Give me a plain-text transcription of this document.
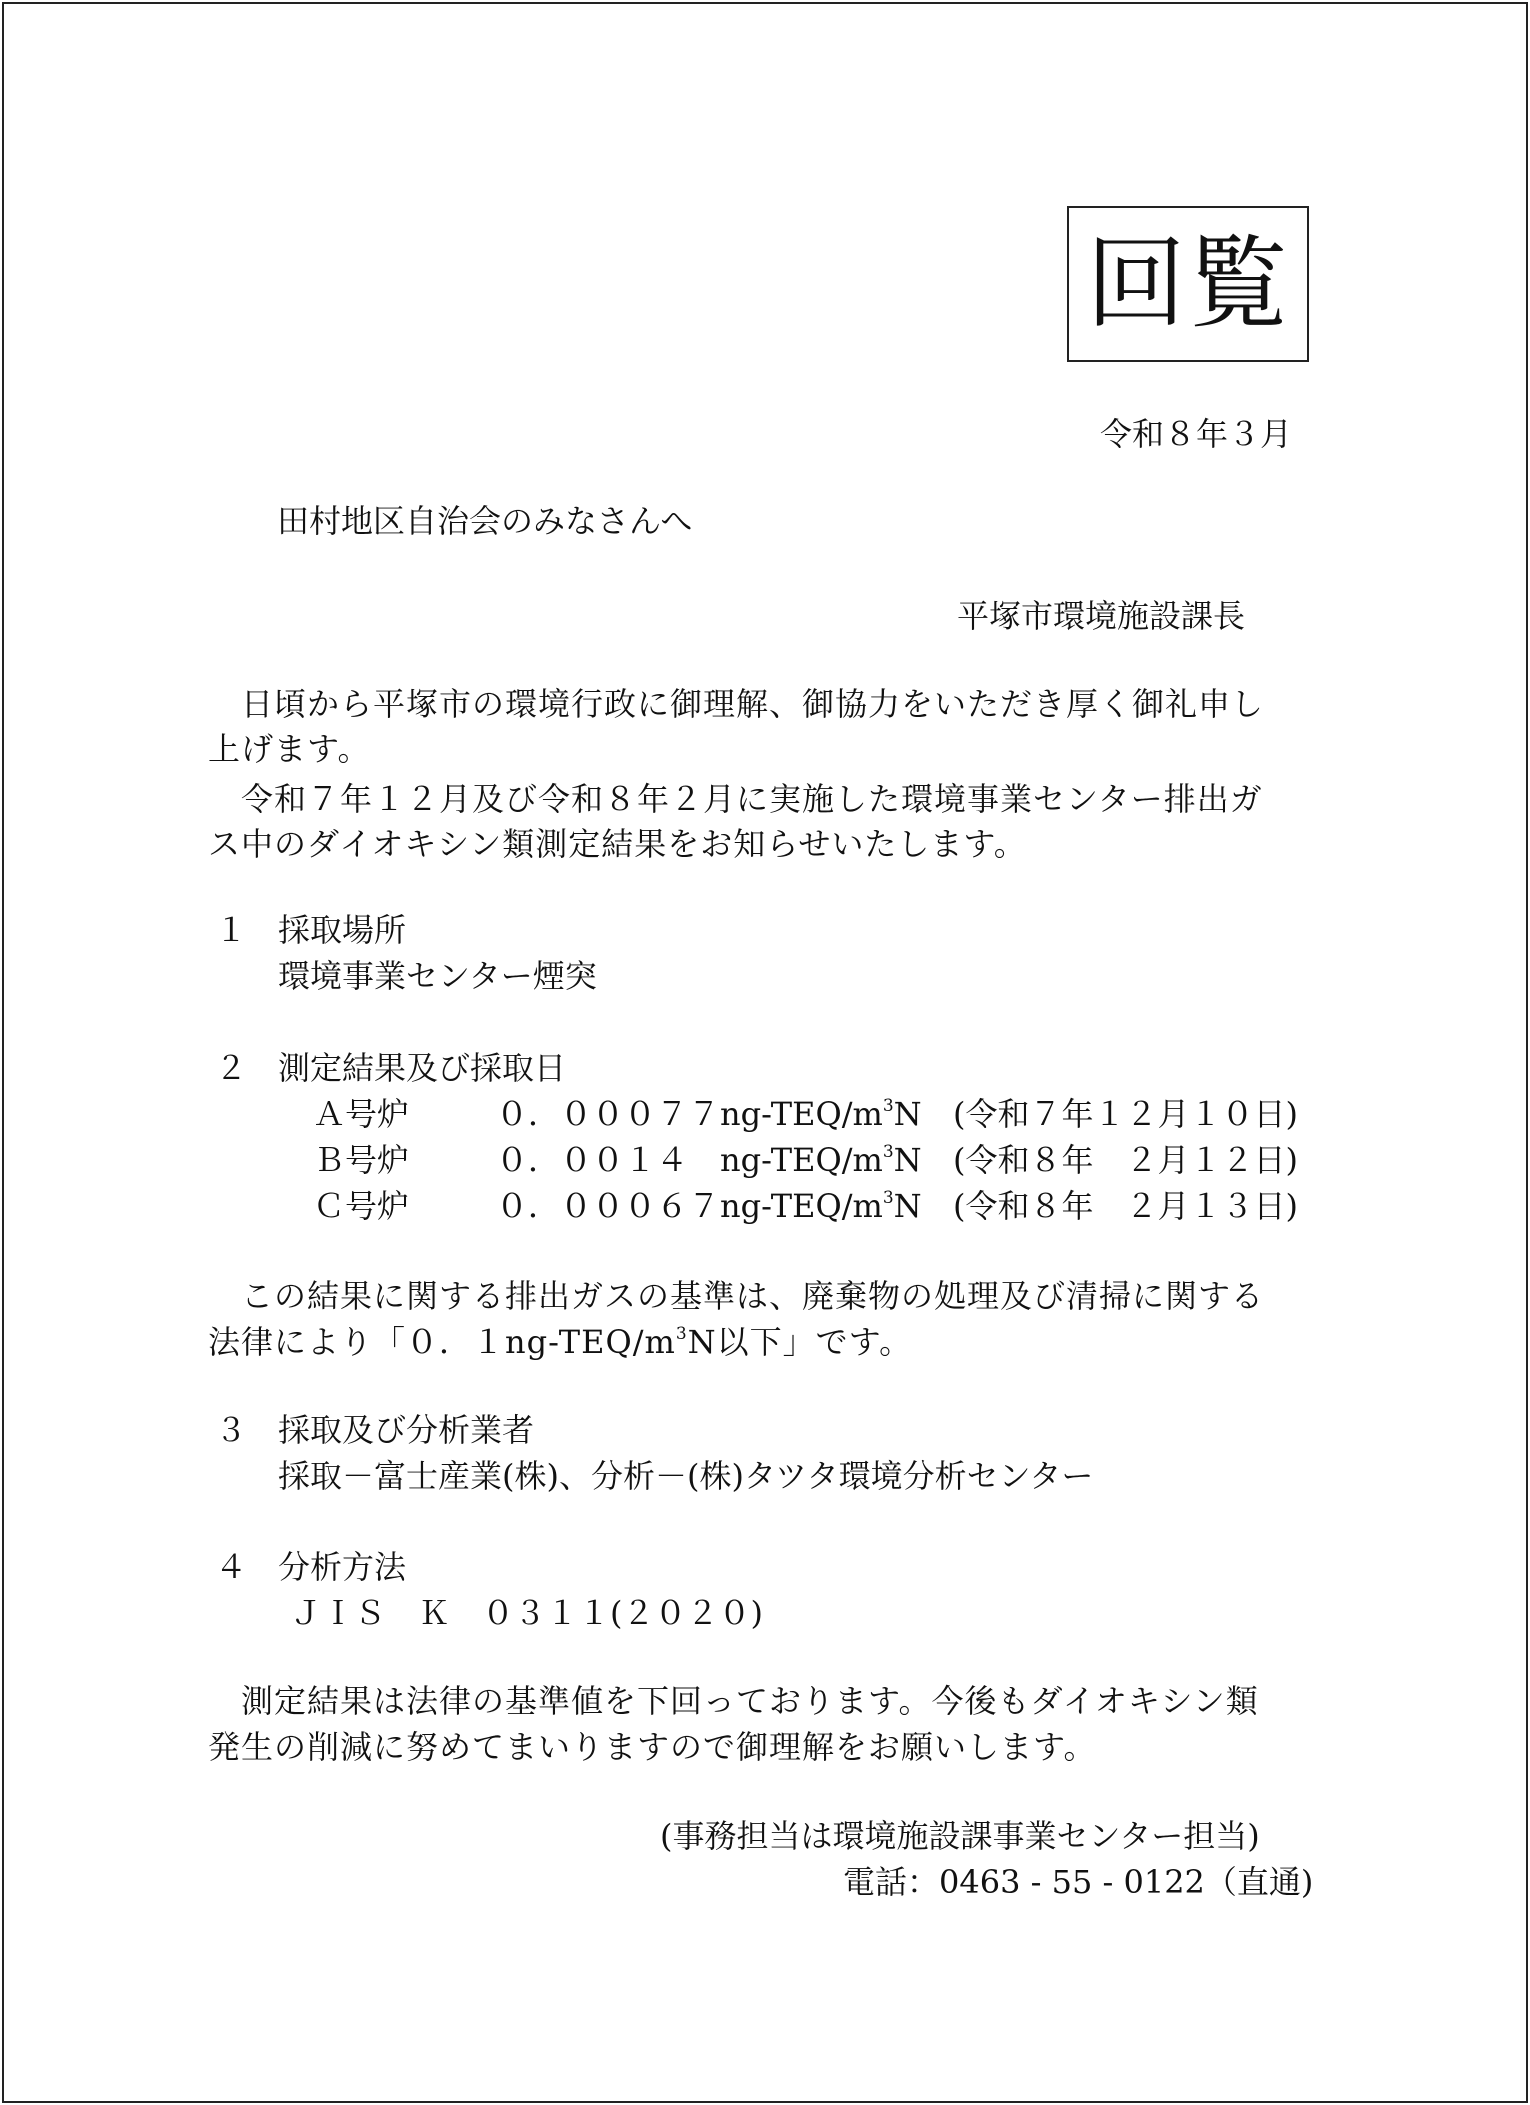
回覧
令和８年３月
田村地区自治会のみなさんへ
平塚市環境施設課長
　日頃から平塚市の環境行政に御理解、御協力をいただき厚く御礼申し
上げます。
　令和７年１２月及び令和８年２月に実施した環境事業センター排出ガ
ス中のダイオキシン類測定結果をお知らせいたします。
１ 採取場所
環境事業センター煙突
２ 測定結果及び採取日
Ａ号炉	０．$00077ng-TEQ/m^3N$ (令和７年１２月１０日)
Ｂ号炉	０．００１４　$ng-TEQ/m^3N$ (令和８年　２月１２日)
Ｃ号炉	０．$00067ng-TEQ/m^3N$ (令和８年　２月１３日)
　この結果に関する排出ガスの基準は、廃棄物の処理及び清掃に関する
法律により「０．$1ng-TEQ/m^3N$以下」です。
３ 採取及び分析業者
採取－富士産業(株)、分析－(株)タツタ環境分析センター
４ 分析方法
ＪＩＳ　Ｋ　０３１１(２０２０)
　測定結果は法律の基準値を下回っております。今後もダイオキシン類
発生の削減に努めてまいりますので御理解をお願いします。
(事務担当は環境施設課事業センター担当)
電話：0463 - 55 - 0122（直通)
